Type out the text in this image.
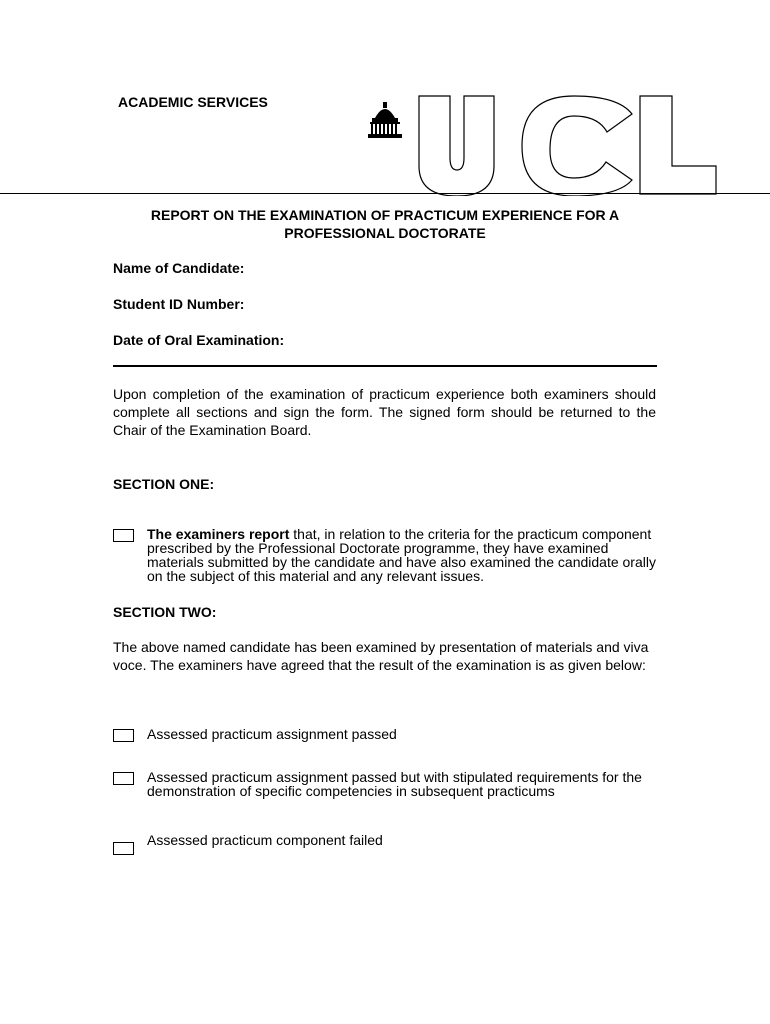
ACADEMIC SERVICES
REPORT ON THE EXAMINATION OF PRACTICUM EXPERIENCE FOR A
PROFESSIONAL DOCTORATE
Name of Candidate:
Student ID Number:
Date of Oral Examination:
Upon completion of the examination of practicum experience both examiners should complete all sections and sign the form. The signed form should be returned to the Chair of the Examination Board.
SECTION ONE:
The examiners report that, in relation to the criteria for the practicum component prescribed by the Professional Doctorate programme, they have examined materials submitted by the candidate and have also examined the candidate orally on the subject of this material and any relevant issues.
SECTION TWO:
The above named candidate has been examined by presentation of materials and viva voce. The examiners have agreed that the result of the examination is as given below:
Assessed practicum assignment passed
Assessed practicum assignment passed but with stipulated requirements for the demonstration of specific competencies in subsequent practicums
Assessed practicum component failed
